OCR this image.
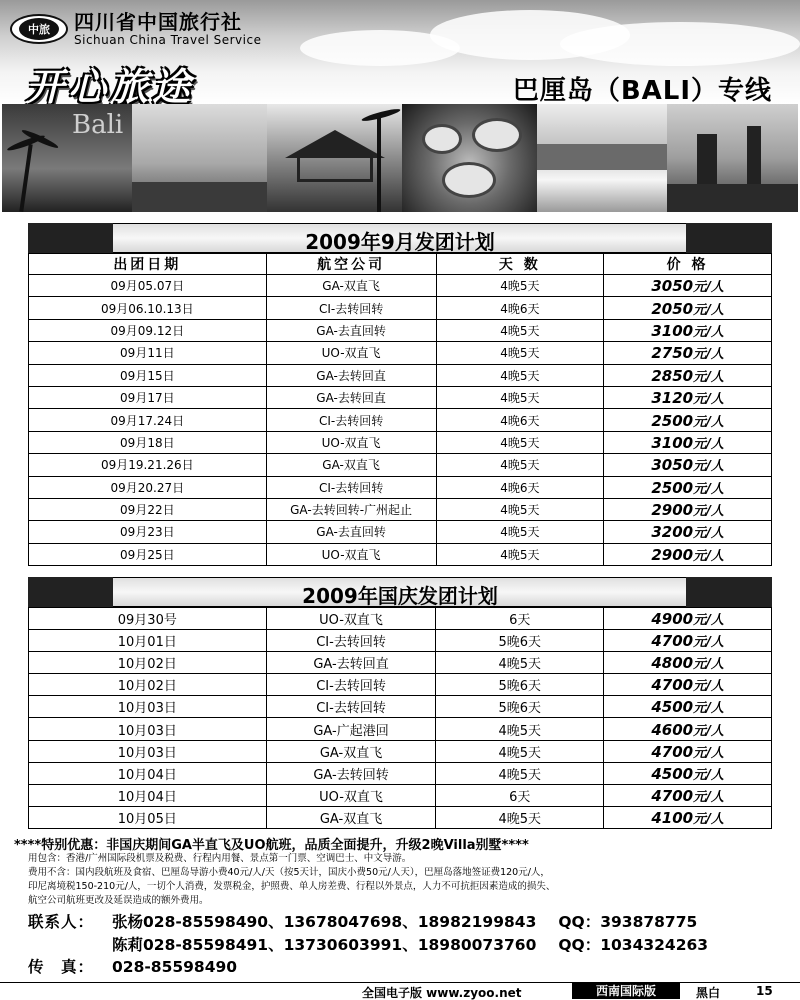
中旅	四川省中国旅行社
Sichuan China Travel Service
开心旅途	巴厘岛（BALI）专线
Bali
2009年9月发团计划
出团日期	航空公司	天 数	价 格
09月05.07日	GA-双直飞	4晚5天	3050元/人
09月06.10.13日	CI-去转回转	4晚6天	2050元/人
09月09.12日	GA-去直回转	4晚5天	3100元/人
09月11日	UO-双直飞	4晚5天	2750元/人
09月15日	GA-去转回直	4晚5天	2850元/人
09月17日	GA-去转回直	4晚5天	3120元/人
09月17.24日	CI-去转回转	4晚6天	2500元/人
09月18日	UO-双直飞	4晚5天	3100元/人
09月19.21.26日	GA-双直飞	4晚5天	3050元/人
09月20.27日	CI-去转回转	4晚6天	2500元/人
09月22日	GA-去转回转-广州起止	4晚5天	2900元/人
09月23日	GA-去直回转	4晚5天	3200元/人
09月25日	UO-双直飞	4晚5天	2900元/人
2009年国庆发团计划
09月30号	UO-双直飞	6天	4900元/人
10月01日	CI-去转回转	5晚6天	4700元/人
10月02日	GA-去转回直	4晚5天	4800元/人
10月02日	CI-去转回转	5晚6天	4700元/人
10月03日	CI-去转回转	5晚6天	4500元/人
10月03日	GA-广起港回	4晚5天	4600元/人
10月03日	GA-双直飞	4晚5天	4700元/人
10月04日	GA-去转回转	4晚5天	4500元/人
10月04日	UO-双直飞	6天	4700元/人
10月05日	GA-双直飞	4晚5天	4100元/人
****特别优惠：非国庆期间GA半直飞及UO航班，品质全面提升，升级2晚Villa别墅****
用包含：香港/广州国际段机票及税费、行程内用餐、景点第一门票、空调巴士、中文导游。
费用不含：国内段航班及食宿、巴厘岛导游小费40元/人/天（按5天计，国庆小费50元/人天），巴厘岛落地签证费120元/人，
印尼离境税150-210元/人，一切个人消费，发票税金，护照费、单人房差费、行程以外景点，人力不可抗拒因素造成的损失、
航空公司航班更改及延误造成的额外费用。
联系人： 张杨028-85598490、13678047698、18982199843 QQ：393878775
陈莉028-85598491、13730603991、18980073760 QQ：1034324263
传　真： 028-85598490
全国电子版 www.zyoo.net	西南国际版	黑白	15
